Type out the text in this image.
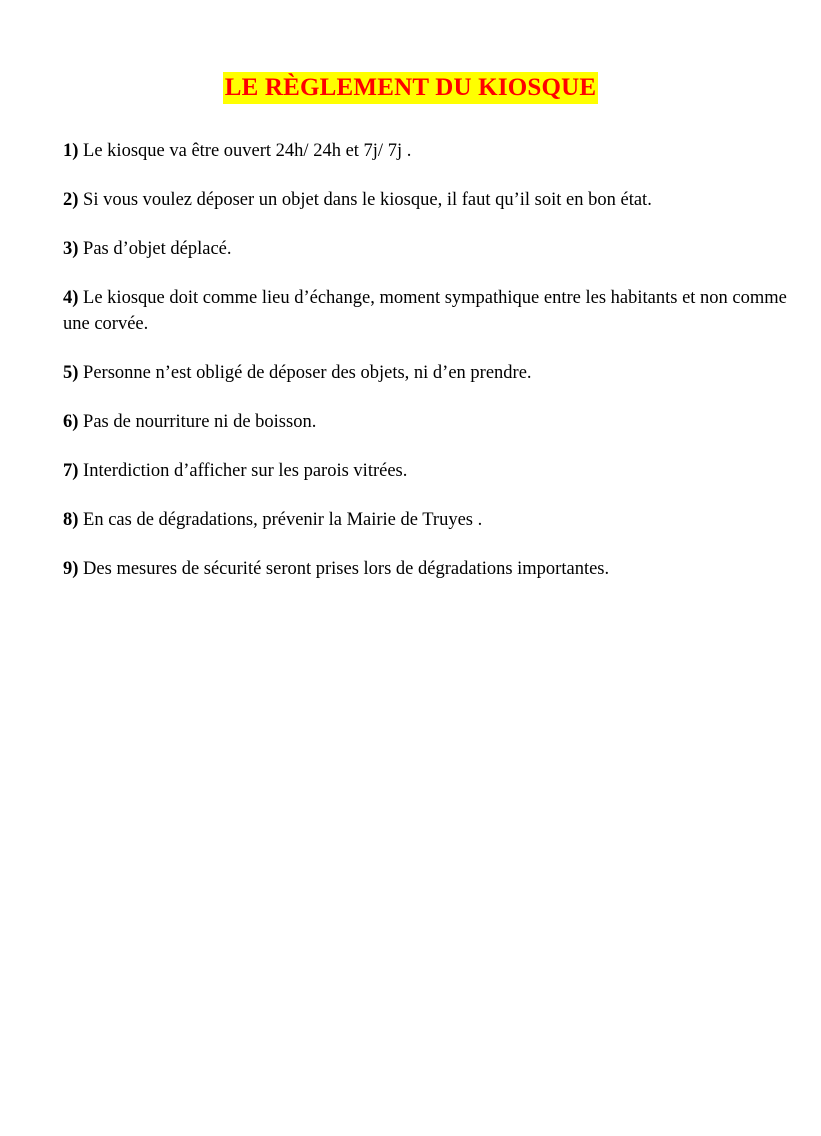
LE RÈGLEMENT DU KIOSQUE
1) Le kiosque va être ouvert 24h/ 24h et 7j/ 7j .
2) Si vous voulez déposer un objet dans le kiosque, il faut qu’il soit en bon état.
3) Pas d’objet déplacé.
4) Le kiosque doit comme lieu d’échange, moment sympathique entre les habitants et non comme une corvée.
5) Personne n’est obligé de déposer des objets, ni d’en prendre.
6) Pas de nourriture ni de boisson.
7) Interdiction d’afficher sur les parois vitrées.
8) En cas de dégradations, prévenir la Mairie de Truyes .
9) Des mesures de sécurité seront prises lors de dégradations importantes.
